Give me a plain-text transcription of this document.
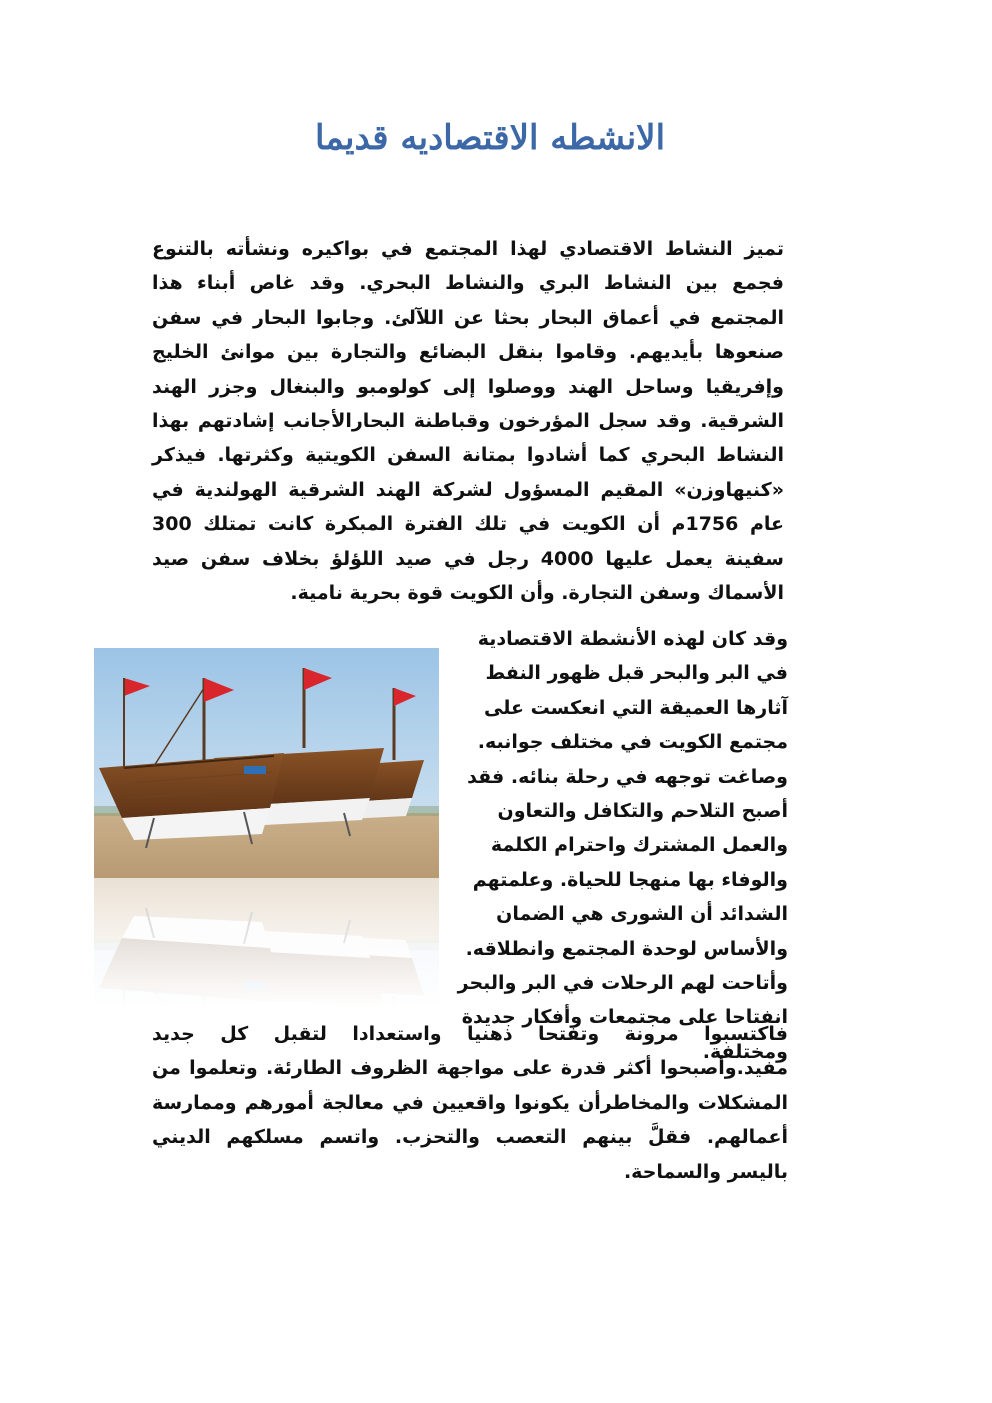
الانشطه الاقتصاديه قديما

تميز النشاط الاقتصادي لهذا المجتمع في بواكيره ونشأته بالتنوع فجمع بين النشاط البري والنشاط البحري. وقد غاص أبناء هذا المجتمع في أعماق البحار بحثا عن اللآلئ. وجابوا البحار في سفن صنعوها بأيديهم. وقاموا بنقل البضائع والتجارة بين موانئ الخليج وإفريقيا وساحل الهند ووصلوا إلى كولومبو والبنغال وجزر الهند الشرقية. وقد سجل المؤرخون وقباطنة البحارالأجانب إشادتهم بهذا النشاط البحري كما أشادوا بمتانة السفن الكويتية وكثرتها. فيذكر «كنيهاوزن» المقيم المسؤول لشركة الهند الشرقية الهولندية في عام 1756م أن الكويت في تلك الفترة المبكرة كانت تمتلك 300 سفينة يعمل عليها 4000 رجل في صيد اللؤلؤ بخلاف سفن صيد الأسماك وسفن التجارة. وأن الكويت قوة بحرية نامية.

وقد كان لهذه الأنشطة الاقتصادية في البر والبحر قبل ظهور النفط آثارها العميقة التي انعكست على مجتمع الكويت في مختلف جوانبه. وصاغت توجهه في رحلة بنائه. فقد أصبح التلاحم والتكافل والتعاون والعمل المشترك واحترام الكلمة والوفاء بها منهجا للحياة. وعلمتهم الشدائد أن الشورى هي الضمان والأساس لوحدة المجتمع وانطلاقه. وأتاحت لهم الرحلات في البر والبحر انفتاحا على مجتمعات وأفكار جديدة ومختلفة.

فاكتسبوا مرونة وتفتحا ذهنيا واستعدادا لتقبل كل جديد مفيد.وأصبحوا أكثر قدرة على مواجهة الظروف الطارئة. وتعلموا من المشكلات والمخاطرأن يكونوا واقعيين في معالجة أمورهم وممارسة أعمالهم. فقلَّ بينهم التعصب والتحزب. واتسم مسلكهم الديني باليسر والسماحة.
